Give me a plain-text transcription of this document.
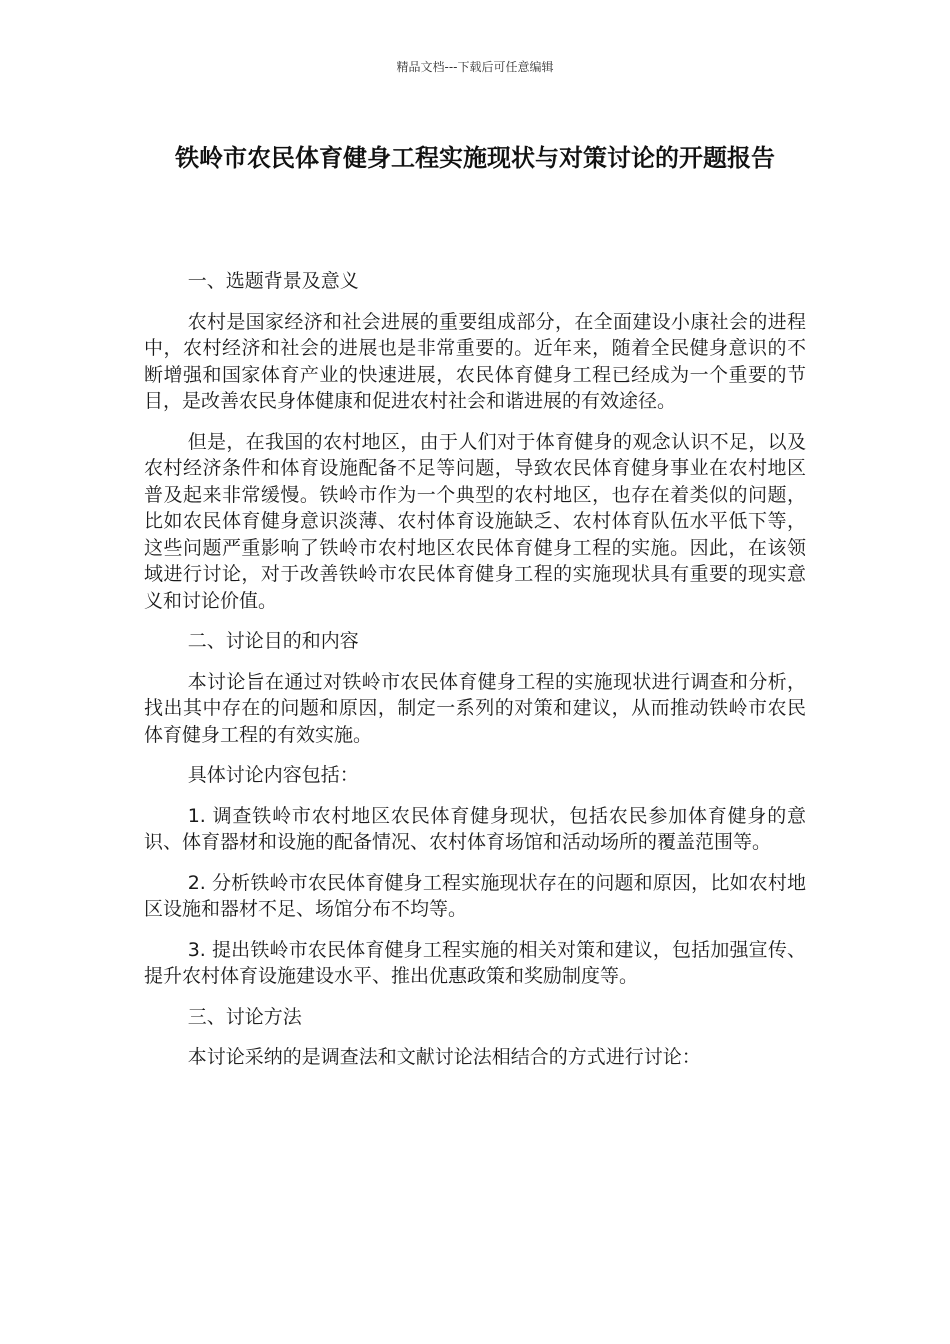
精品文档---下载后可任意编辑
铁岭市农民体育健身工程实施现状与对策讨论的开题报告
一、选题背景及意义

农村是国家经济和社会进展的重要组成部分，在全面建设小康社会的进程中，农村经济和社会的进展也是非常重要的。近年来，随着全民健身意识的不断增强和国家体育产业的快速进展，农民体育健身工程已经成为一个重要的节目，是改善农民身体健康和促进农村社会和谐进展的有效途径。

但是，在我国的农村地区，由于人们对于体育健身的观念认识不足，以及农村经济条件和体育设施配备不足等问题，导致农民体育健身事业在农村地区普及起来非常缓慢。铁岭市作为一个典型的农村地区，也存在着类似的问题，比如农民体育健身意识淡薄、农村体育设施缺乏、农村体育队伍水平低下等，这些问题严重影响了铁岭市农村地区农民体育健身工程的实施。因此，在该领域进行讨论，对于改善铁岭市农民体育健身工程的实施现状具有重要的现实意义和讨论价值。

二、讨论目的和内容

本讨论旨在通过对铁岭市农民体育健身工程的实施现状进行调查和分析，找出其中存在的问题和原因，制定一系列的对策和建议，从而推动铁岭市农民体育健身工程的有效实施。

具体讨论内容包括：

1. 调查铁岭市农村地区农民体育健身现状，包括农民参加体育健身的意识、体育器材和设施的配备情况、农村体育场馆和活动场所的覆盖范围等。

2. 分析铁岭市农民体育健身工程实施现状存在的问题和原因，比如农村地区设施和器材不足、场馆分布不均等。

3. 提出铁岭市农民体育健身工程实施的相关对策和建议，包括加强宣传、提升农村体育设施建设水平、推出优惠政策和奖励制度等。

三、讨论方法

本讨论采纳的是调查法和文献讨论法相结合的方式进行讨论：
